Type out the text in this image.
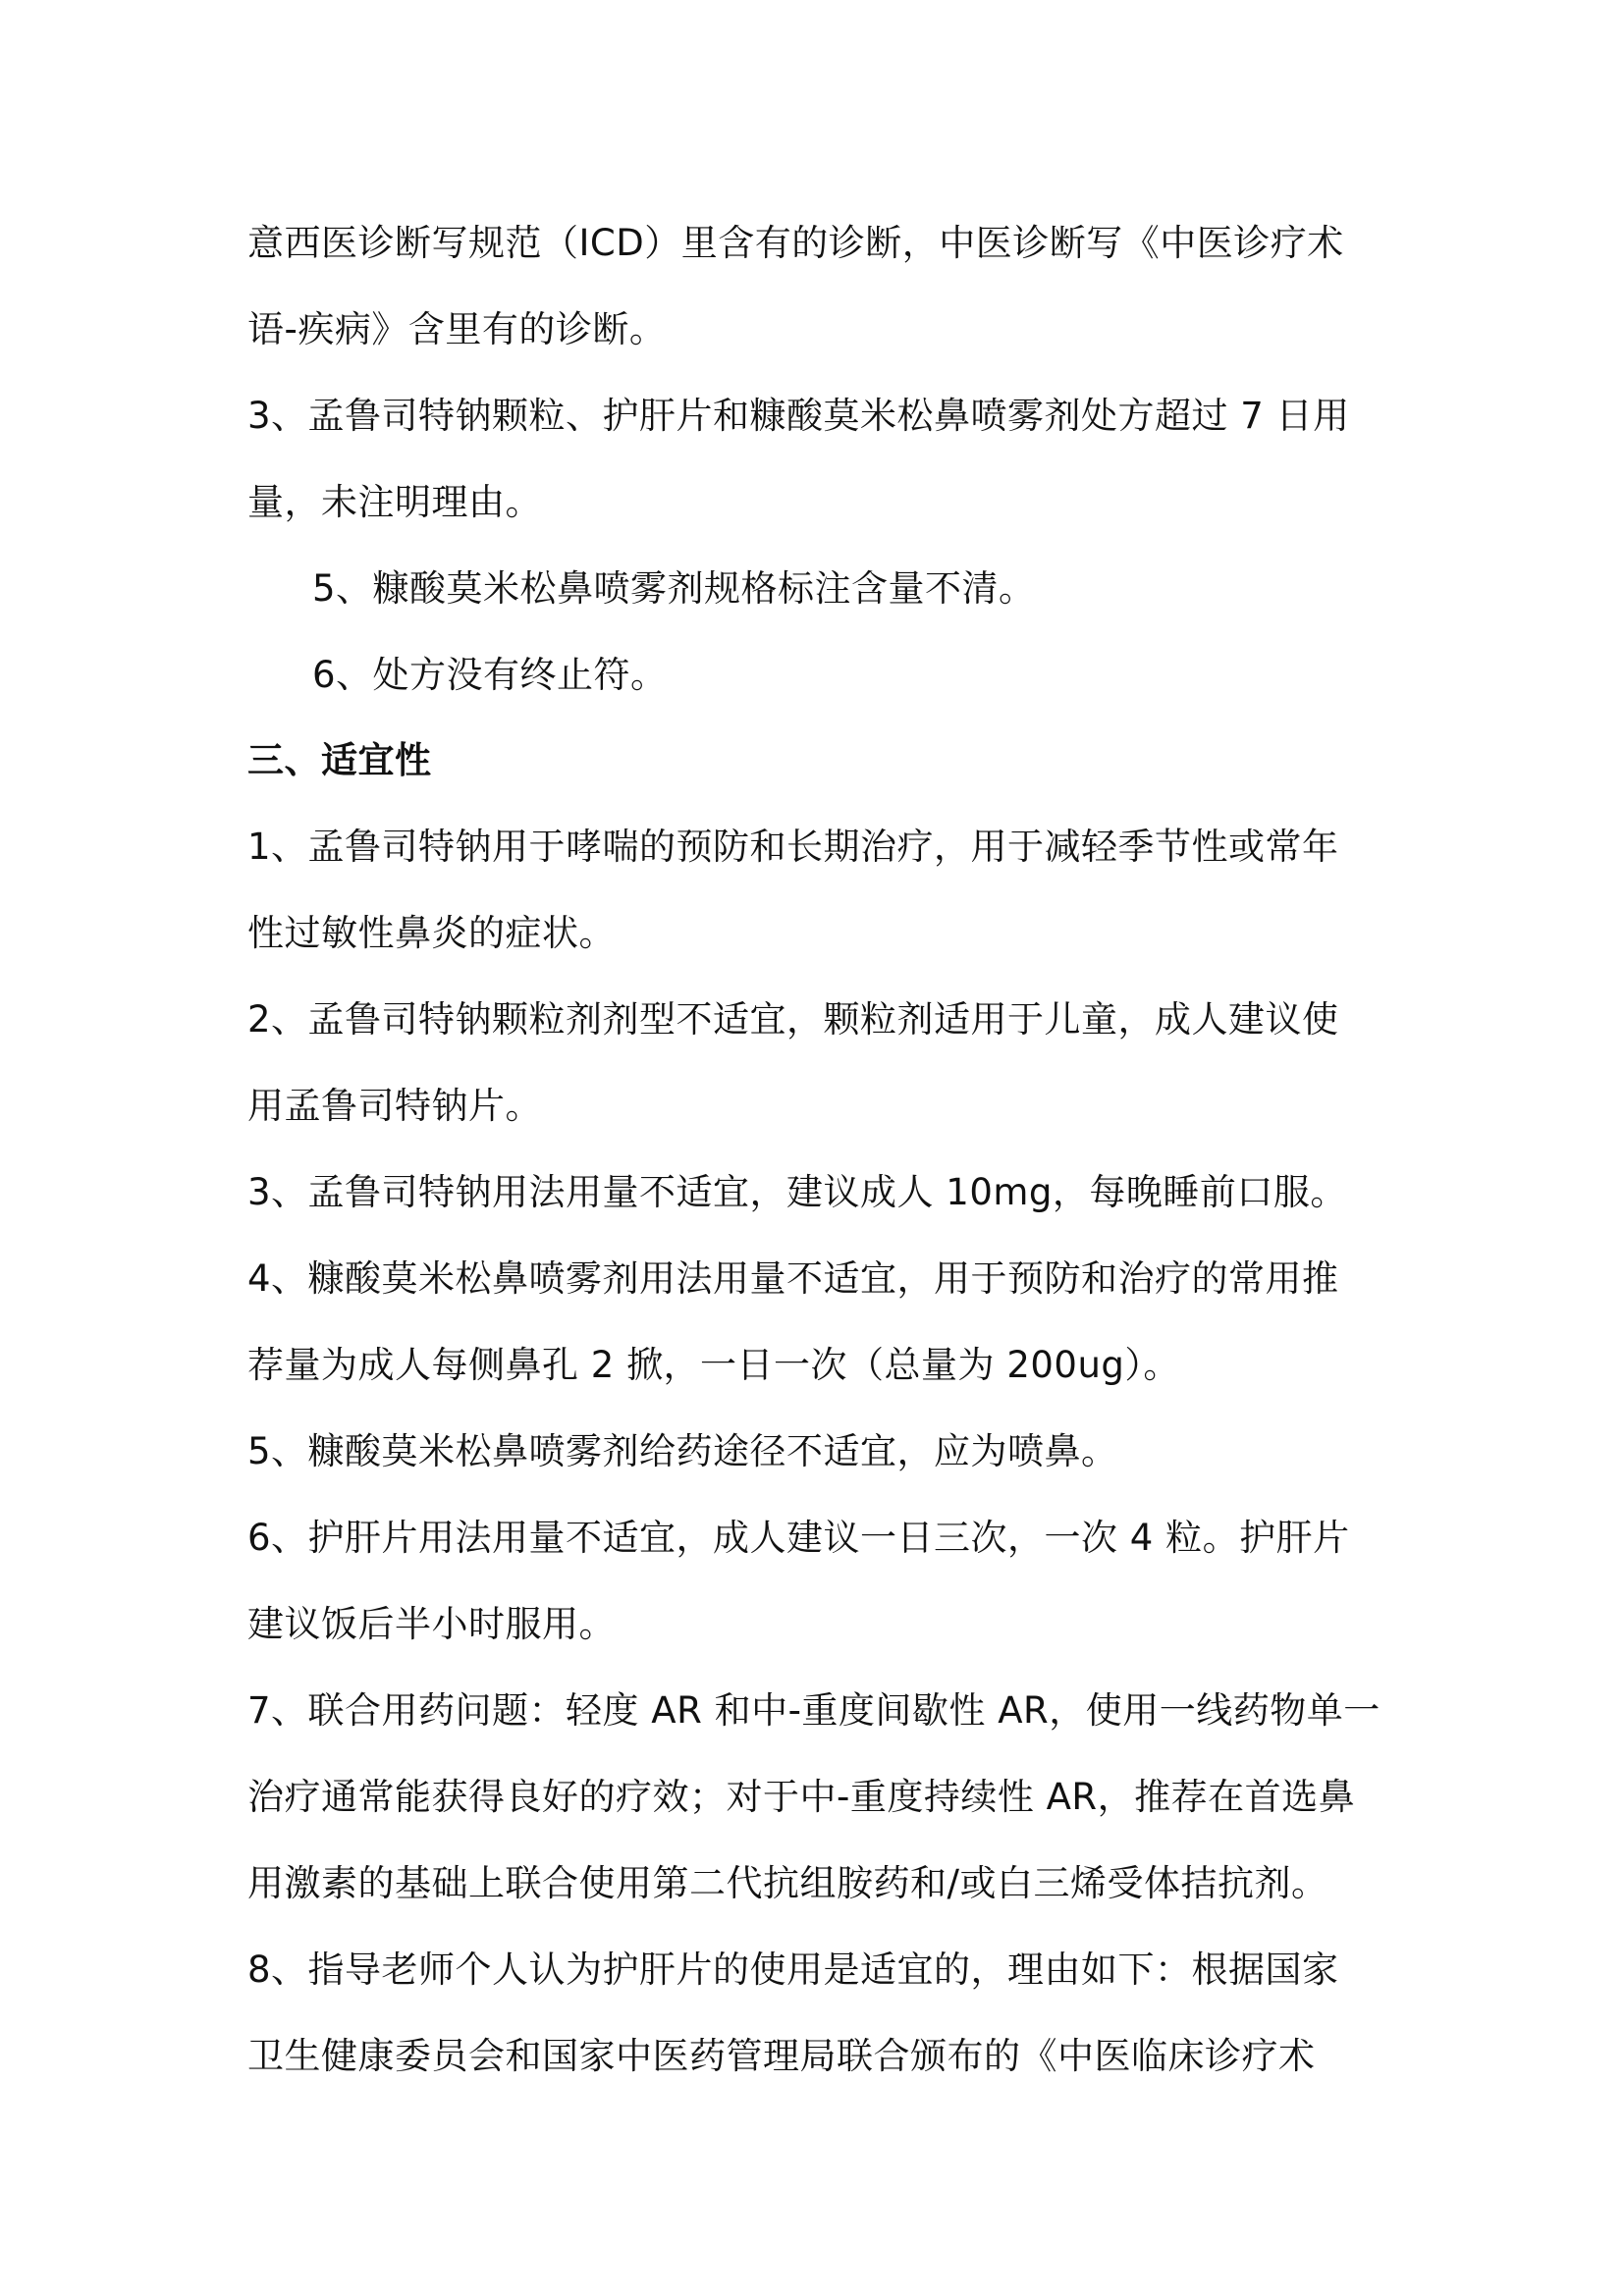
意西医诊断写规范（ICD）里含有的诊断，中医诊断写《中医诊疗术
语-疾病》含里有的诊断。
3、孟鲁司特钠颗粒、护肝片和糠酸莫米松鼻喷雾剂处方超过 7 日用
量，未注明理由。
5、糠酸莫米松鼻喷雾剂规格标注含量不清。
6、处方没有终止符。
三、适宜性
1、孟鲁司特钠用于哮喘的预防和长期治疗，用于减轻季节性或常年
性过敏性鼻炎的症状。
2、孟鲁司特钠颗粒剂剂型不适宜，颗粒剂适用于儿童，成人建议使
用孟鲁司特钠片。
3、孟鲁司特钠用法用量不适宜，建议成人 10mg，每晚睡前口服。
4、糠酸莫米松鼻喷雾剂用法用量不适宜，用于预防和治疗的常用推
荐量为成人每侧鼻孔 2 掀，一日一次（总量为 200ug）。
5、糠酸莫米松鼻喷雾剂给药途径不适宜，应为喷鼻。
6、护肝片用法用量不适宜，成人建议一日三次，一次 4 粒。护肝片
建议饭后半小时服用。
7、联合用药问题：轻度 AR 和中-重度间歇性 AR，使用一线药物单一
治疗通常能获得良好的疗效；对于中-重度持续性 AR，推荐在首选鼻
用激素的基础上联合使用第二代抗组胺药和/或白三烯受体拮抗剂。
8、指导老师个人认为护肝片的使用是适宜的，理由如下：根据国家
卫生健康委员会和国家中医药管理局联合颁布的《中医临床诊疗术
